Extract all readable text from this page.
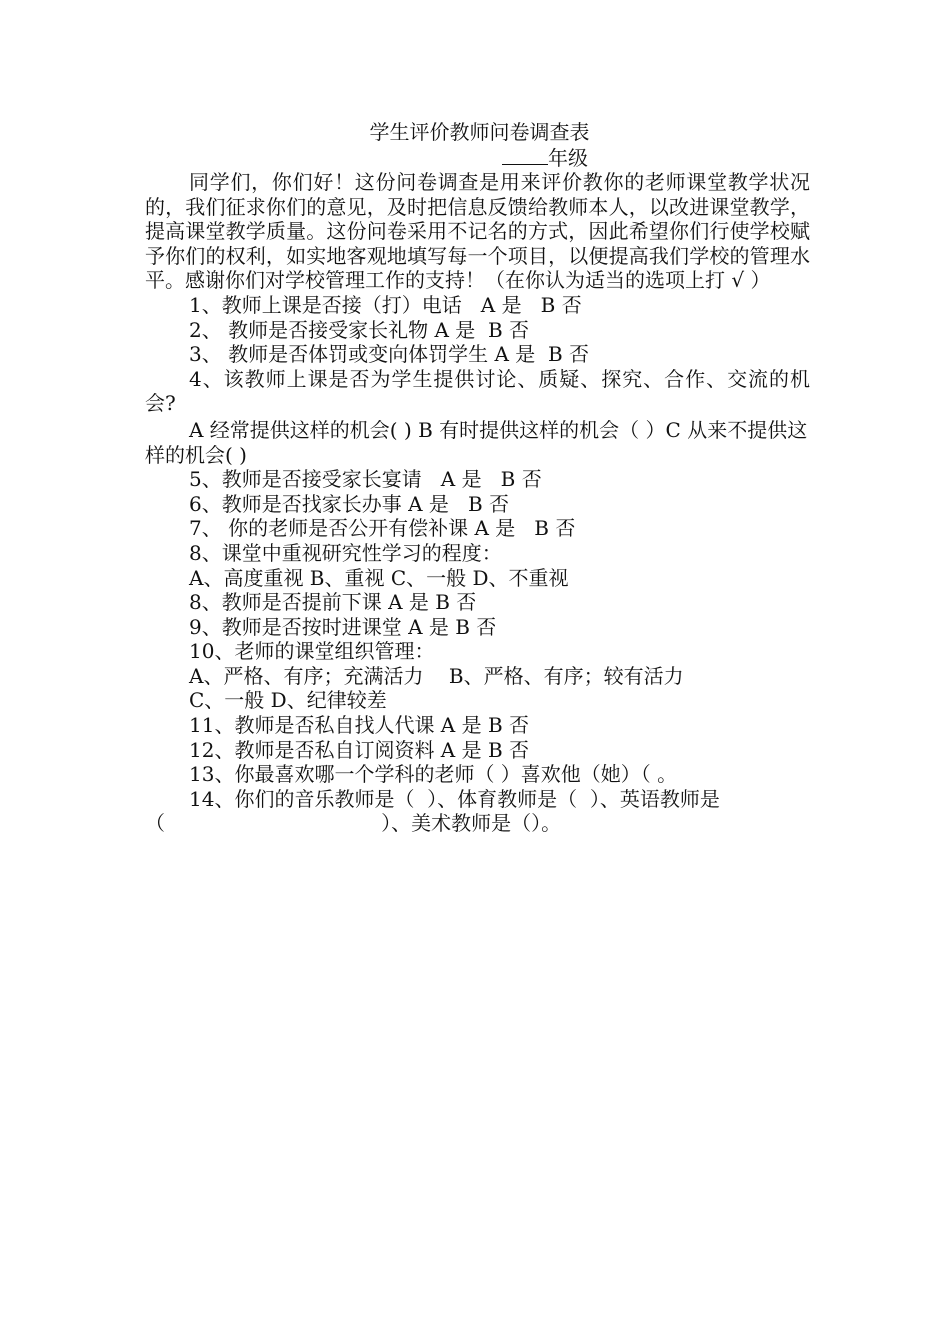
学生评价教师问卷调查表

年级

同学们，你们好！这份问卷调查是用来评价教你的老师课堂教学状况的，我们征求你们的意见，及时把信息反馈给教师本人，以改进课堂教学，提高课堂教学质量。这份问卷采用不记名的方式，因此希望你们行使学校赋予你们的权利，如实地客观地填写每一个项目，以便提高我们学校的管理水平。感谢你们对学校管理工作的支持！（在你认为适当的选项上打 √ ）

1、教师上课是否接（打）电话   A 是   B 否

2、 教师是否接受家长礼物 A 是  B 否

3、 教师是否体罚或变向体罚学生 A 是  B 否

4、该教师上课是否为学生提供讨论、质疑、探究、合作、交流的机会?

A 经常提供这样的机会( ) B 有时提供这样的机会（ ）C 从来不提供这样的机会( )

5、教师是否接受家长宴请   A 是   B 否

6、教师是否找家长办事 A 是   B 否

7、 你的老师是否公开有偿补课 A 是   B 否

8、课堂中重视研究性学习的程度：

A、高度重视 B、重视 C、一般 D、不重视

8、教师是否提前下课 A 是 B 否

9、教师是否按时进课堂 A 是 B 否

10、老师的课堂组织管理：

A、严格、有序；充满活力    B、严格、有序；较有活力

C、一般 D、纪律较差

11、教师是否私自找人代课 A 是 B 否

12、教师是否私自订阅资料 A 是 B 否

13、你最喜欢哪一个学科的老师（ ）喜欢他（她）（ 。

14、你们的音乐教师是（  ）、体育教师是（  ）、英语教师是

（                                  ）、美术教师是（）。
